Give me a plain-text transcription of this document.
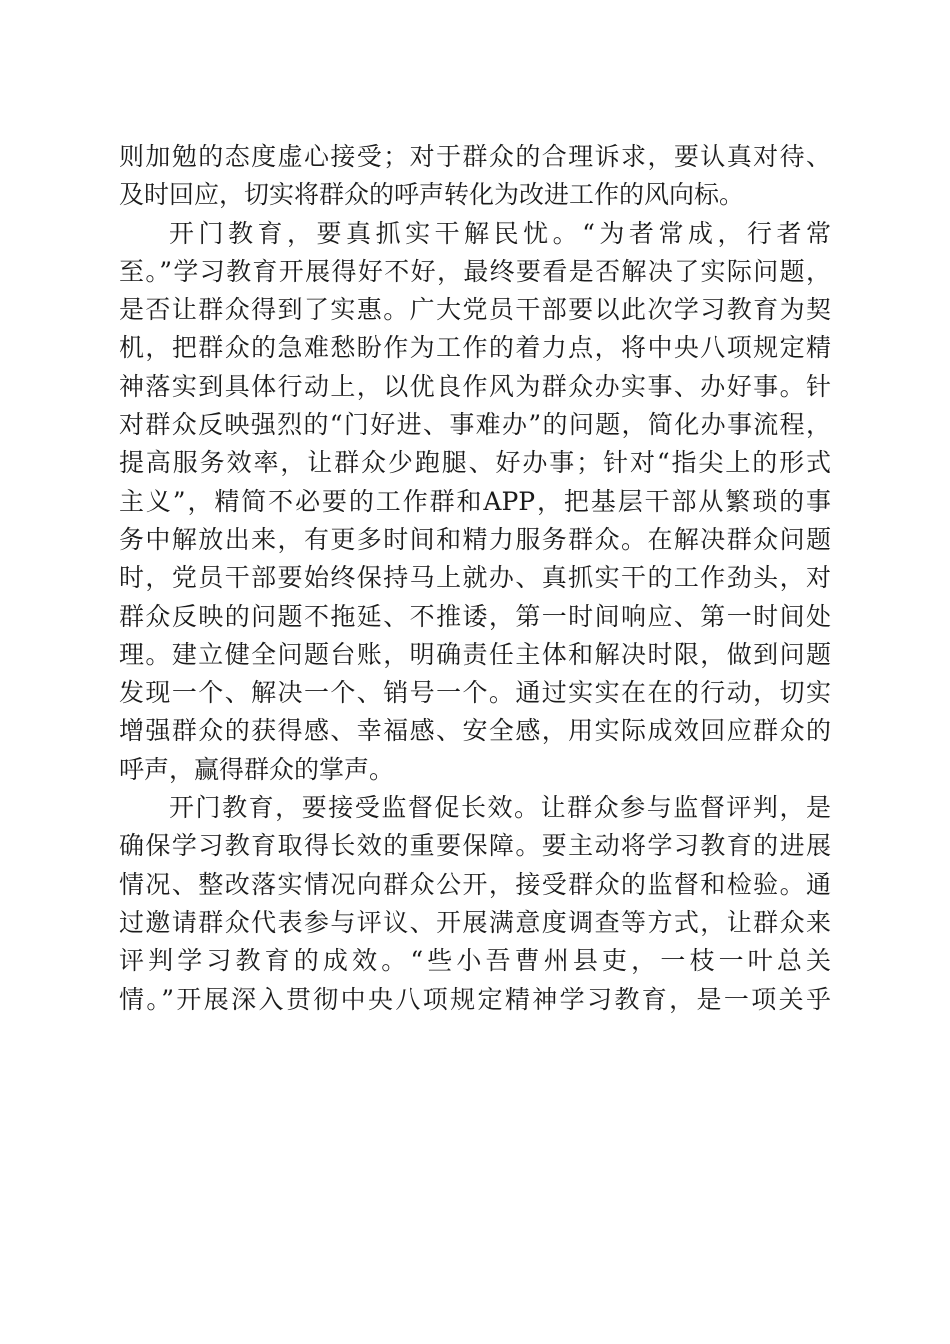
则加勉的态度虚心接受；对于群众的合理诉求，要认真对待、
及时回应，切实将群众的呼声转化为改进工作的风向标。
开门教育，要真抓实干解民忧。“为者常成，行者常
至。”学习教育开展得好不好，最终要看是否解决了实际问题，
是否让群众得到了实惠。广大党员干部要以此次学习教育为契
机，把群众的急难愁盼作为工作的着力点，将中央八项规定精
神落实到具体行动上，以优良作风为群众办实事、办好事。针
对群众反映强烈的“门好进、事难办”的问题，简化办事流程，
提高服务效率，让群众少跑腿、好办事；针对“指尖上的形式
主义”，精简不必要的工作群和APP，把基层干部从繁琐的事
务中解放出来，有更多时间和精力服务群众。在解决群众问题
时，党员干部要始终保持马上就办、真抓实干的工作劲头，对
群众反映的问题不拖延、不推诿，第一时间响应、第一时间处
理。建立健全问题台账，明确责任主体和解决时限，做到问题
发现一个、解决一个、销号一个。通过实实在在的行动，切实
增强群众的获得感、幸福感、安全感，用实际成效回应群众的
呼声，赢得群众的掌声。
开门教育，要接受监督促长效。让群众参与监督评判，是
确保学习教育取得长效的重要保障。要主动将学习教育的进展
情况、整改落实情况向群众公开，接受群众的监督和检验。通
过邀请群众代表参与评议、开展满意度调查等方式，让群众来
评判学习教育的成效。“些小吾曹州县吏，一枝一叶总关
情。”开展深入贯彻中央八项规定精神学习教育，是一项关乎
